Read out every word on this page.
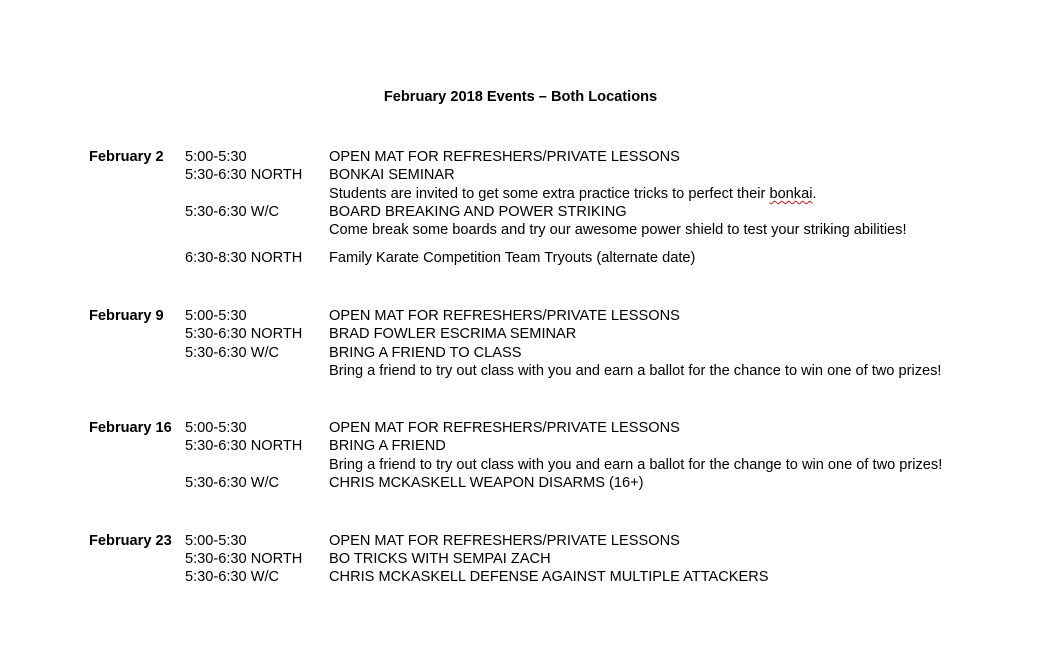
February 2018 Events – Both Locations
February 2 5:00-5:30	OPEN MAT FOR REFRESHERS/PRIVATE LESSONS
5:30-6:30 NORTH BONKAI SEMINAR
Students are invited to get some extra practice tricks to perfect their bonkai.
5:30-6:30 W/C	BOARD BREAKING AND POWER STRIKING
Come break some boards and try our awesome power shield to test your striking abilities!
6:30-8:30 NORTH Family Karate Competition Team Tryouts (alternate date)
February 9 5:00-5:30	OPEN MAT FOR REFRESHERS/PRIVATE LESSONS
5:30-6:30 NORTH BRAD FOWLER ESCRIMA SEMINAR
5:30-6:30 W/C	BRING A FRIEND TO CLASS
Bring a friend to try out class with you and earn a ballot for the chance to win one of two prizes!
February 16 5:00-5:30	OPEN MAT FOR REFRESHERS/PRIVATE LESSONS
5:30-6:30 NORTH BRING A FRIEND
Bring a friend to try out class with you and earn a ballot for the change to win one of two prizes!
5:30-6:30 W/C	CHRIS MCKASKELL WEAPON DISARMS (16+)
February 23 5:00-5:30	OPEN MAT FOR REFRESHERS/PRIVATE LESSONS
5:30-6:30 NORTH BO TRICKS WITH SEMPAI ZACH
5:30-6:30 W/C	CHRIS MCKASKELL DEFENSE AGAINST MULTIPLE ATTACKERS
